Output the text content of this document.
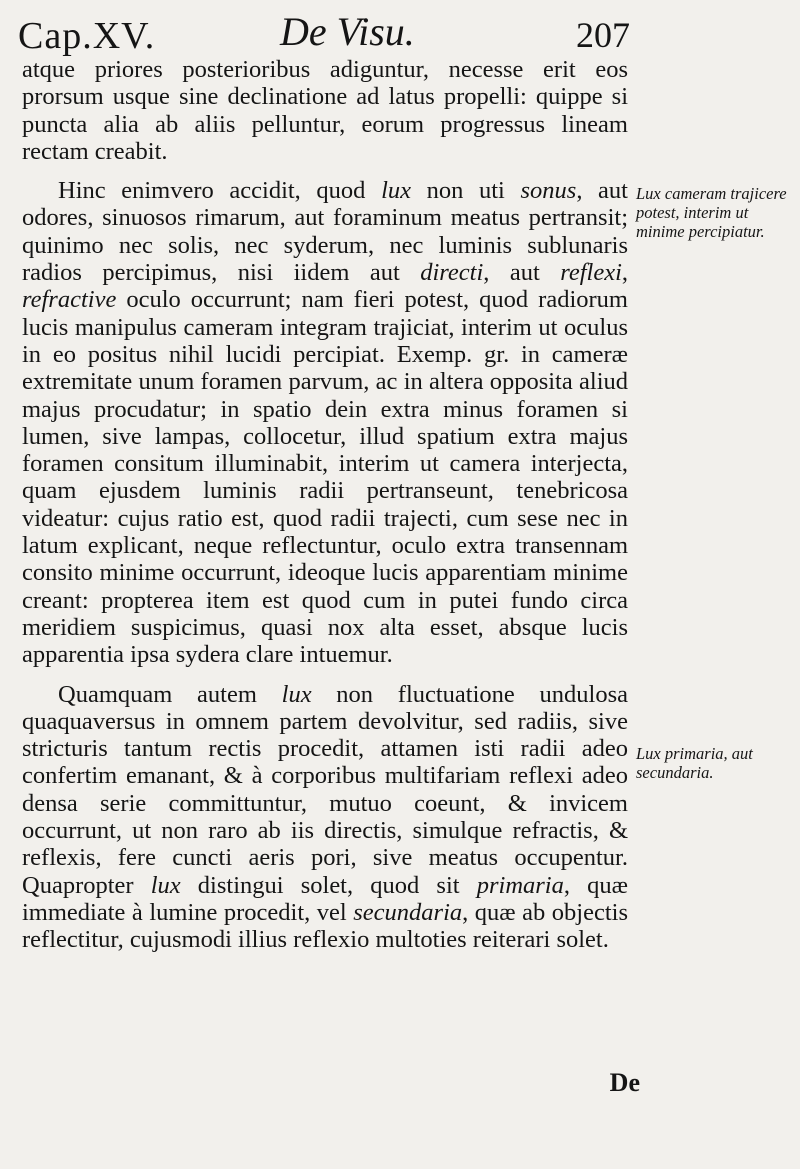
Cap.XV.	De Visu.	207

atque priores posterioribus adiguntur, necesse erit eos prorsum usque sine declinatione ad latus propelli: quippe si puncta alia ab aliis pelluntur, eorum progressus lineam rectam creabit.

Hinc enimvero accidit, quod lux non uti sonus, aut odores, sinuosos rimarum, aut foraminum meatus pertransit; quinimo nec solis, nec syderum, nec luminis sublunaris radios percipimus, nisi iidem aut directi, aut reflexi, refractive oculo occurrunt; nam fieri potest, quod radiorum lucis manipulus cameram integram trajiciat, interim ut oculus in eo positus nihil lucidi percipiat. Exemp. gr. in cameræ extremitate unum foramen parvum, ac in altera opposita aliud majus procudatur; in spatio dein extra minus foramen si lumen, sive lampas, collocetur, illud spatium extra majus foramen consitum illuminabit, interim ut camera interjecta, quam ejusdem luminis radii pertranseunt, tenebricosa videatur: cujus ratio est, quod radii trajecti, cum sese nec in latum explicant, neque reflectuntur, oculo extra transennam consito minime occurrunt, ideoque lucis apparentiam minime creant: propterea item est quod cum in putei fundo circa meridiem suspicimus, quasi nox alta esset, absque lucis apparentia ipsa sydera clare intuemur.

Quamquam autem lux non fluctuatione undulosa quaquaversus in omnem partem devolvitur, sed radiis, sive stricturis tantum rectis procedit, attamen isti radii adeo confertim emanant, & à corporibus multifariam reflexi adeo densa serie committuntur, mutuo coeunt, & invicem occurrunt, ut non raro ab iis directis, simulque refractis, & reflexis, fere cuncti aeris pori, sive meatus occupentur. Quapropter lux distingui solet, quod sit primaria, quæ immediate à lumine procedit, vel secundaria, quæ ab objectis reflectitur, cujusmodi illius reflexio multoties reiterari solet.

Lux cameram trajicere potest, interim ut minime percipiatur.
Lux primaria, aut secundaria.
De
